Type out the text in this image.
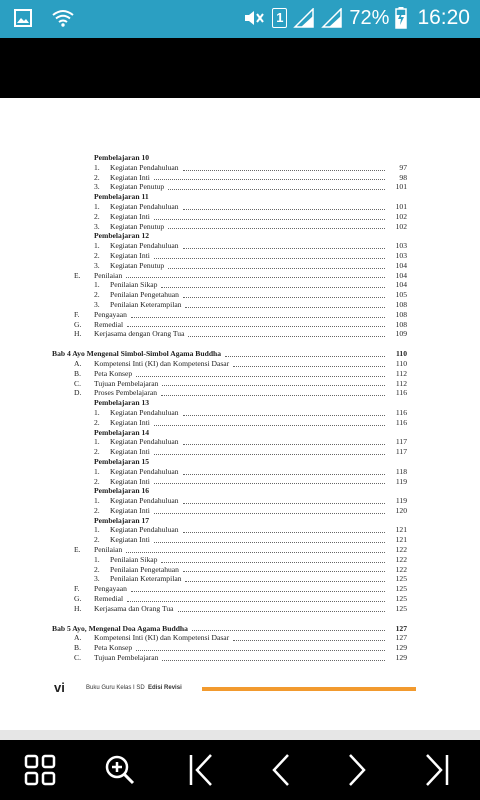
1	72% 16:20
Pembelajaran 10
1. Kegiatan Pendahuluan	97
2. Kegiatan Inti	98
3. Kegiatan Penutup	101
Pembelajaran 11
1. Kegiatan Pendahuluan	101
2. Kegiatan Inti	102
3. Kegiatan Penutup	102
Pembelajaran 12
1. Kegiatan Pendahuluan	103
2. Kegiatan Inti	103
3. Kegiatan Penutup	104
E. Penilaian	104
1. Penilaian Sikap	104
2. Penilaian Pengetahuan	105
3. Penilaian Keterampilan	108
F. Pengayaan	108
G. Remedial	108
H. Kerjasama dengan Orang Tua	109
Bab 4 Ayo Mengenal Simbol-Simbol Agama Buddha	110
A. Kompetensi Inti (KI) dan Kompetensi Dasar	110
B. Peta Konsep	112
C. Tujuan Pembelajaran	112
D. Proses Pembelajaran	116
Pembelajaran 13
1. Kegiatan Pendahuluan	116
2. Kegiatan Inti	116
Pembelajaran 14
1. Kegiatan Pendahuluan	117
2. Kegiatan Inti	117
Pembelajaran 15
1. Kegiatan Pendahuluan	118
2. Kegiatan Inti	119
Pembelajaran 16
1. Kegiatan Pendahuluan	119
2. Kegiatan Inti	120
Pembelajaran 17
1. Kegiatan Pendahuluan	121
2. Kegiatan Inti	121
E. Penilaian	122
1. Penilaian Sikap	122
2. Penilaian Pengetahuan	122
3. Penilaian Keterampilan	125
F. Pengayaan	125
G. Remedial	125
H. Kerjasama dan Orang Tua	125
Bab 5 Ayo, Mengenal Doa Agama Buddha	127
A. Kompetensi Inti (KI) dan Kompetensi Dasar	127
B. Peta Konsep	129
C. Tujuan Pembelajaran	129
vi	Buku Guru Kelas I SD Edisi Revisi
